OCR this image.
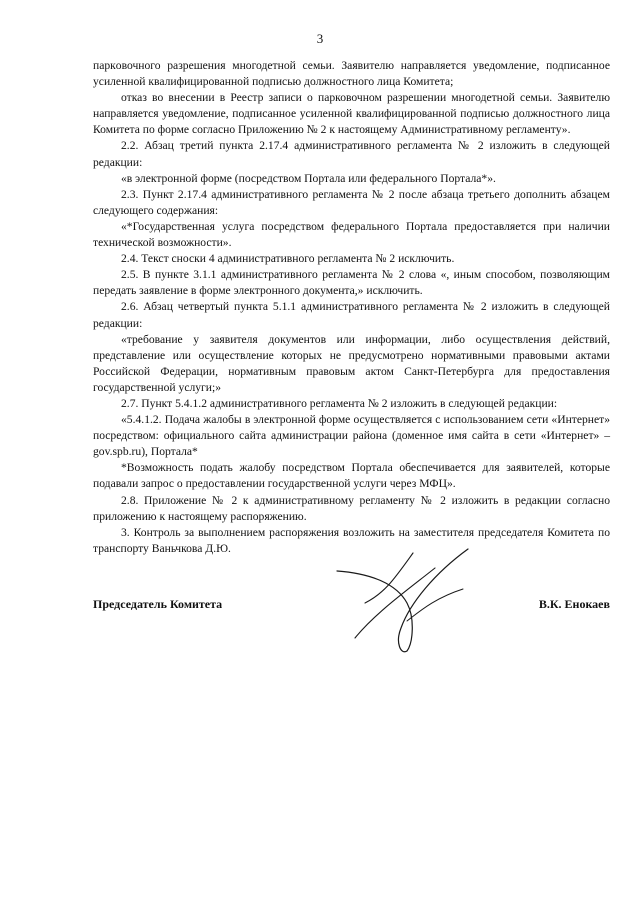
3

паркoвочного разрешения многодетной семьи. Заявителю направляется уведомление, подписанное усиленной квалифицированной подписью должностного лица Комитета;

отказ во внесении в Реестр записи о парковочном разрешении многодетной семьи. Заявителю направляется уведомление, подписанное усиленной квалифицированной подписью должностного лица Комитета по форме согласно Приложению № 2 к настоящему Административному регламенту».

2.2. Абзац третий пункта 2.17.4 административного регламента № 2 изложить в следующей редакции:

«в электронной форме (посредством Портала или федерального Портала*».

2.3. Пункт 2.17.4 административного регламента № 2 после абзаца третьего дополнить абзацем следующего содержания:

«*Государственная услуга посредством федерального Портала предоставляется при наличии технической возможности».

2.4. Текст сноски 4 административного регламента № 2 исключить.

2.5. В пункте 3.1.1 административного регламента № 2 слова «, иным способом, позволяющим передать заявление в форме электронного документа,» исключить.

2.6. Абзац четвертый пункта 5.1.1 административного регламента № 2 изложить в следующей редакции:

«требование у заявителя документов или информации, либо осуществления действий, представление или осуществление которых не предусмотрено нормативными правовыми актами Российской Федерации, нормативным правовым актом Санкт-Петербурга для предоставления государственной услуги;»

2.7. Пункт 5.4.1.2 административного регламента № 2 изложить в следующей редакции:

«5.4.1.2. Подача жалобы в электронной форме осуществляется с использованием сети «Интернет» посредством: официального сайта администрации района (доменное имя сайта в сети «Интернет» – gov.spb.ru), Портала*

*Возможность подать жалобу посредством Портала обеспечивается для заявителей, которые подавали запрос о предоставлении государственной услуги через МФЦ».

2.8. Приложение № 2 к административному регламенту № 2 изложить в редакции согласно приложению к настоящему распоряжению.

3. Контроль за выполнением распоряжения возложить на заместителя председателя Комитета по транспорту Ваньчкова Д.Ю.

Председатель Комитета	В.К. Енокаев
